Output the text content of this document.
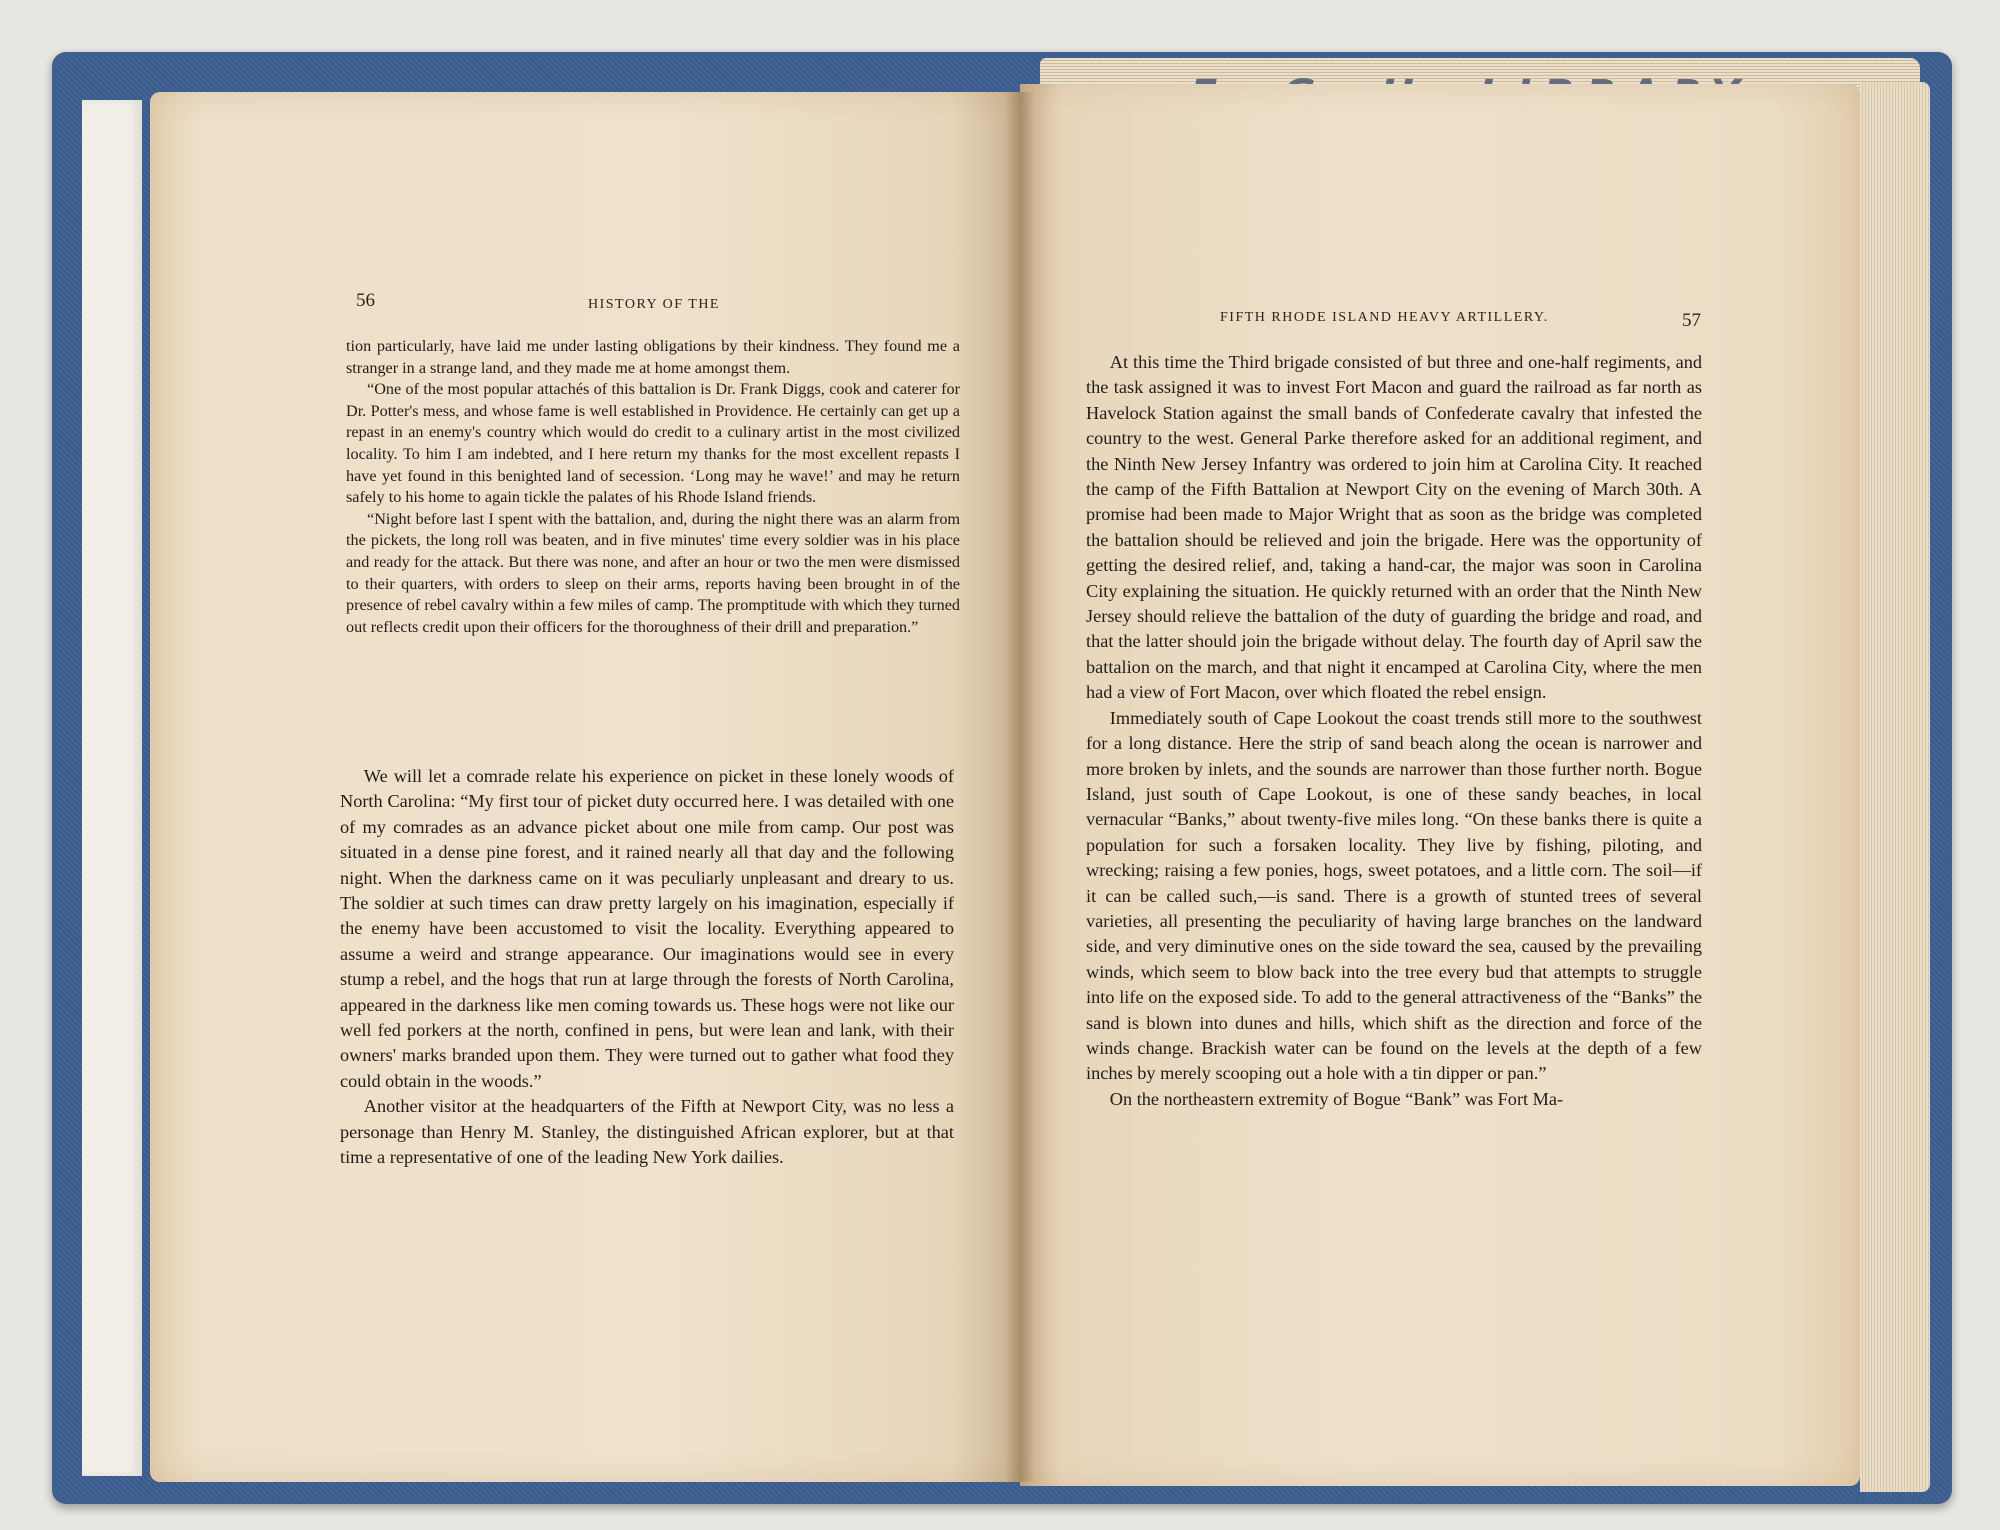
56	HISTORY OF THE

tion particularly, have laid me under lasting obligations by their kindness. They found me a stranger in a strange land, and they made me at home amongst them.

“One of the most popular attachés of this battalion is Dr. Frank Diggs, cook and caterer for Dr. Potter's mess, and whose fame is well established in Providence. He certainly can get up a repast in an enemy's country which would do credit to a culinary artist in the most civilized locality. To him I am indebted, and I here return my thanks for the most excellent repasts I have yet found in this benighted land of secession. ‘Long may he wave!’ and may he return safely to his home to again tickle the palates of his Rhode Island friends.

“Night before last I spent with the battalion, and, during the night there was an alarm from the pickets, the long roll was beaten, and in five minutes' time every soldier was in his place and ready for the attack. But there was none, and after an hour or two the men were dismissed to their quarters, with orders to sleep on their arms, reports having been brought in of the presence of rebel cavalry within a few miles of camp. The promptitude with which they turned out reflects credit upon their officers for the thoroughness of their drill and preparation.”

We will let a comrade relate his experience on picket in these lonely woods of North Carolina: “My first tour of picket duty occurred here. I was detailed with one of my comrades as an advance picket about one mile from camp. Our post was situated in a dense pine forest, and it rained nearly all that day and the following night. When the darkness came on it was peculiarly unpleasant and dreary to us. The soldier at such times can draw pretty largely on his imagination, especially if the enemy have been accustomed to visit the locality. Everything appeared to assume a weird and strange appearance. Our imaginations would see in every stump a rebel, and the hogs that run at large through the forests of North Carolina, appeared in the darkness like men coming towards us. These hogs were not like our well fed porkers at the north, confined in pens, but were lean and lank, with their owners' marks branded upon them. They were turned out to gather what food they could obtain in the woods.”

Another visitor at the headquarters of the Fifth at Newport City, was no less a personage than Henry M. Stanley, the distinguished African explorer, but at that time a representative of one of the leading New York dailies.

FIFTH RHODE ISLAND HEAVY ARTILLERY.	57

At this time the Third brigade consisted of but three and one-half regiments, and the task assigned it was to invest Fort Macon and guard the railroad as far north as Havelock Station against the small bands of Confederate cavalry that infested the country to the west. General Parke therefore asked for an additional regiment, and the Ninth New Jersey Infantry was ordered to join him at Carolina City. It reached the camp of the Fifth Battalion at Newport City on the evening of March 30th. A promise had been made to Major Wright that as soon as the bridge was completed the battalion should be relieved and join the brigade. Here was the opportunity of getting the desired relief, and, taking a hand-car, the major was soon in Carolina City explaining the situation. He quickly returned with an order that the Ninth New Jersey should relieve the battalion of the duty of guarding the bridge and road, and that the latter should join the brigade without delay. The fourth day of April saw the battalion on the march, and that night it encamped at Carolina City, where the men had a view of Fort Macon, over which floated the rebel ensign.

Immediately south of Cape Lookout the coast trends still more to the southwest for a long distance. Here the strip of sand beach along the ocean is narrower and more broken by inlets, and the sounds are narrower than those further north. Bogue Island, just south of Cape Lookout, is one of these sandy beaches, in local vernacular “Banks,” about twenty-five miles long. “On these banks there is quite a population for such a forsaken locality. They live by fishing, piloting, and wrecking; raising a few ponies, hogs, sweet potatoes, and a little corn. The soil—if it can be called such,—is sand. There is a growth of stunted trees of several varieties, all presenting the peculiarity of having large branches on the landward side, and very diminutive ones on the side toward the sea, caused by the prevailing winds, which seem to blow back into the tree every bud that attempts to struggle into life on the exposed side. To add to the general attractiveness of the “Banks” the sand is blown into dunes and hills, which shift as the direction and force of the winds change. Brackish water can be found on the levels at the depth of a few inches by merely scooping out a hole with a tin dipper or pan.”

On the northeastern extremity of Bogue “Bank” was Fort Ma-
